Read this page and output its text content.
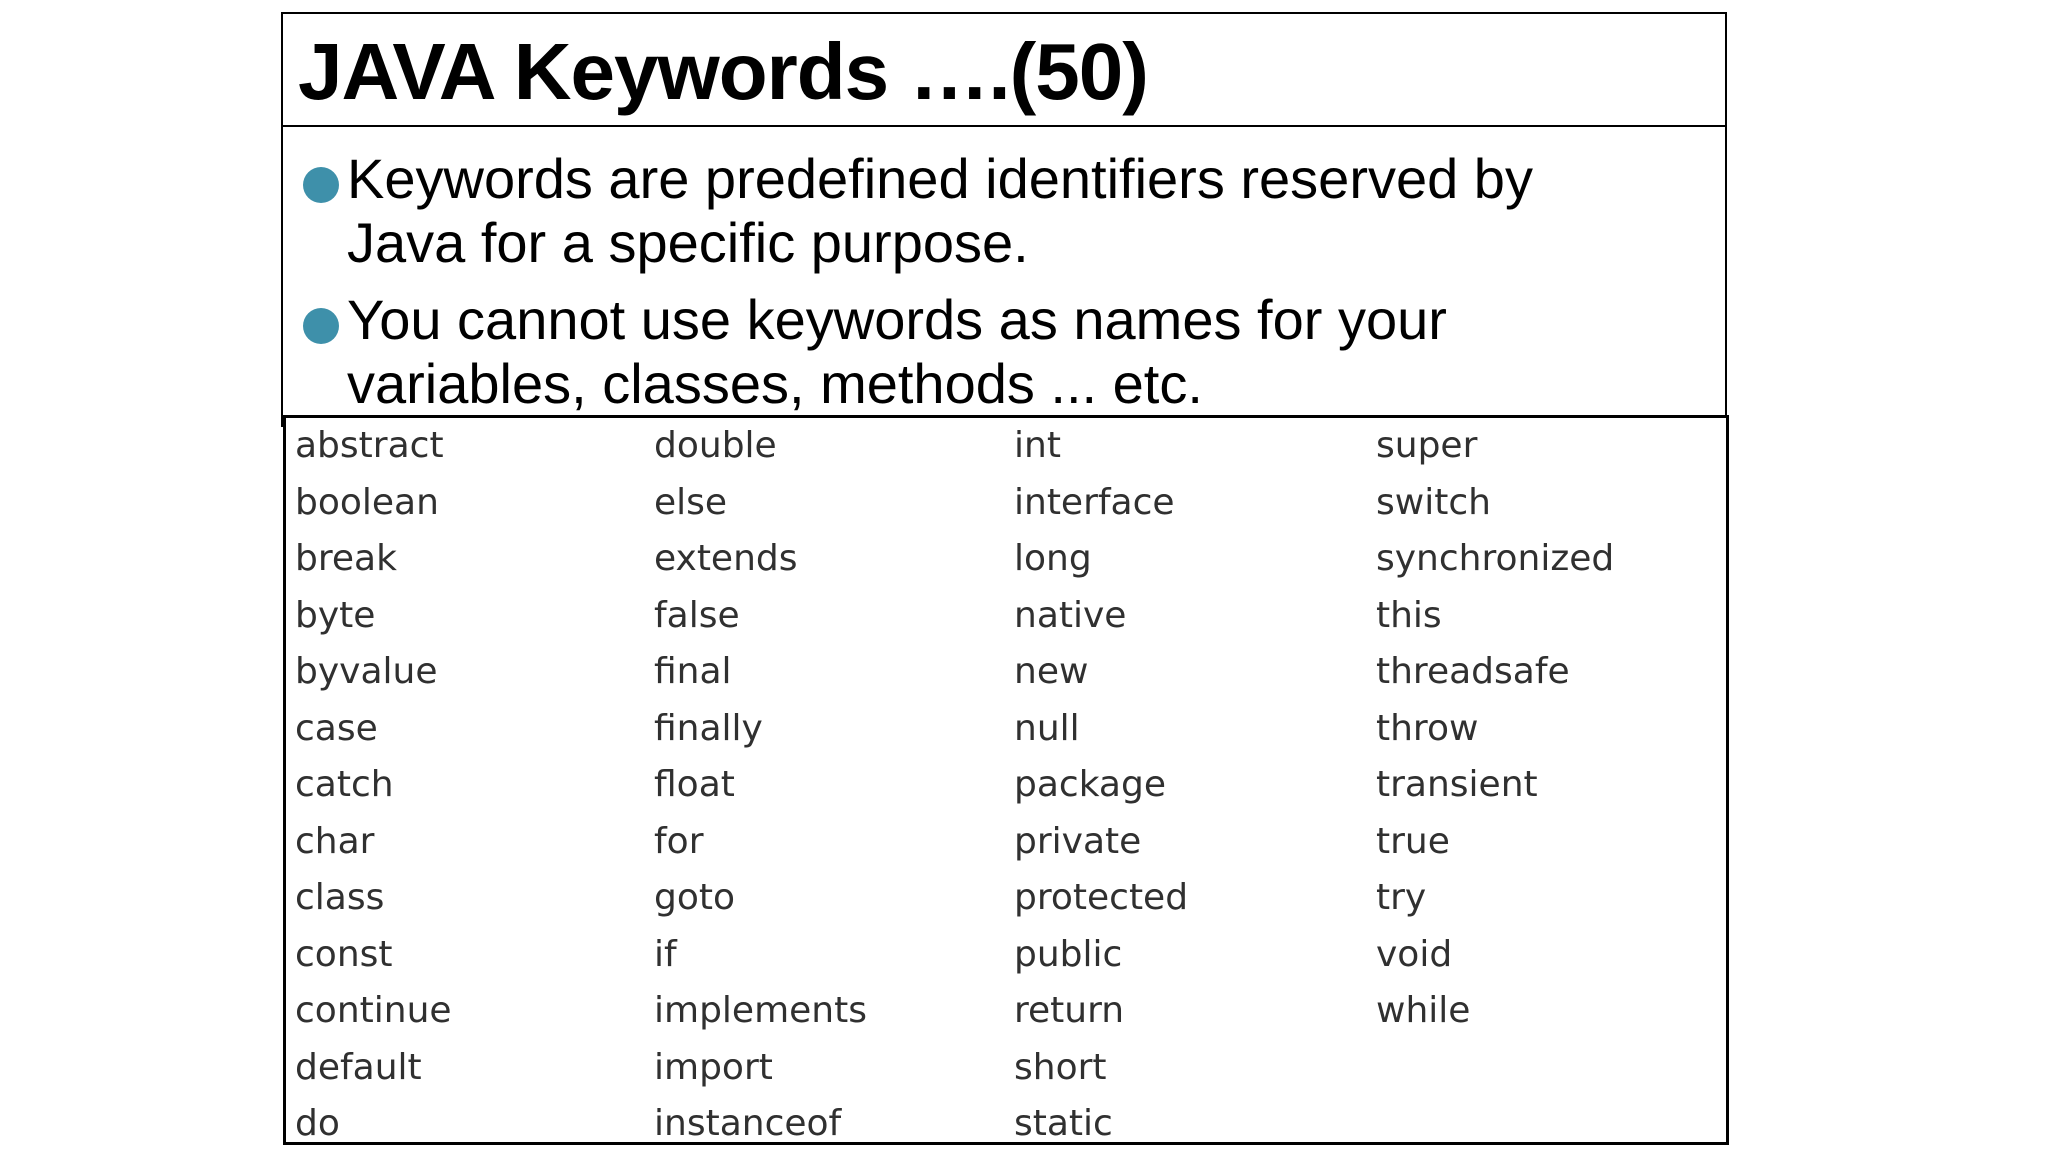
JAVA Keywords ….(50)
Keywords are predefined identifiers reserved by
Java for a specific purpose.
You cannot use keywords as names for your
variables, classes, methods ... etc.
abstract
boolean
break
byte
byvalue
case
catch
char
class
const
continue
default
do
double
else
extends
false
final
finally
float
for
goto
if
implements
import
instanceof
int
interface
long
native
new
null
package
private
protected
public
return
short
static
super
switch
synchronized
this
threadsafe
throw
transient
true
try
void
while
